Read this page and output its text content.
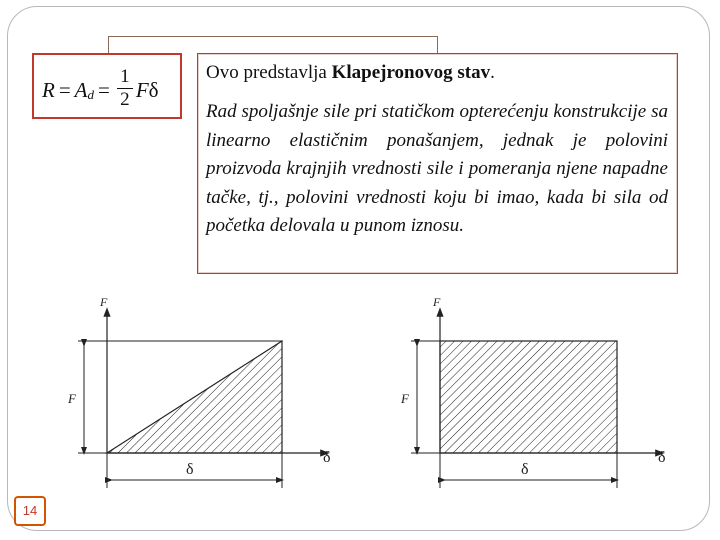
$R = A_d = \frac{1}{2}$ F δ
Ovo predstavlja Klapejronovog stav.

Rad spoljašnje sile pri statičkom opterećenju konstrukcije sa linearno elastičnim ponašanjem, jednak je polovini proizvoda krajnjih vrednosti sile i pomeranja njene napadne tačke, tj., polovini vrednosti koju bi imao, kada bi sila od početka delovala u punom iznosu.

F
δ
F
δ
F
δ
F
δ
14
